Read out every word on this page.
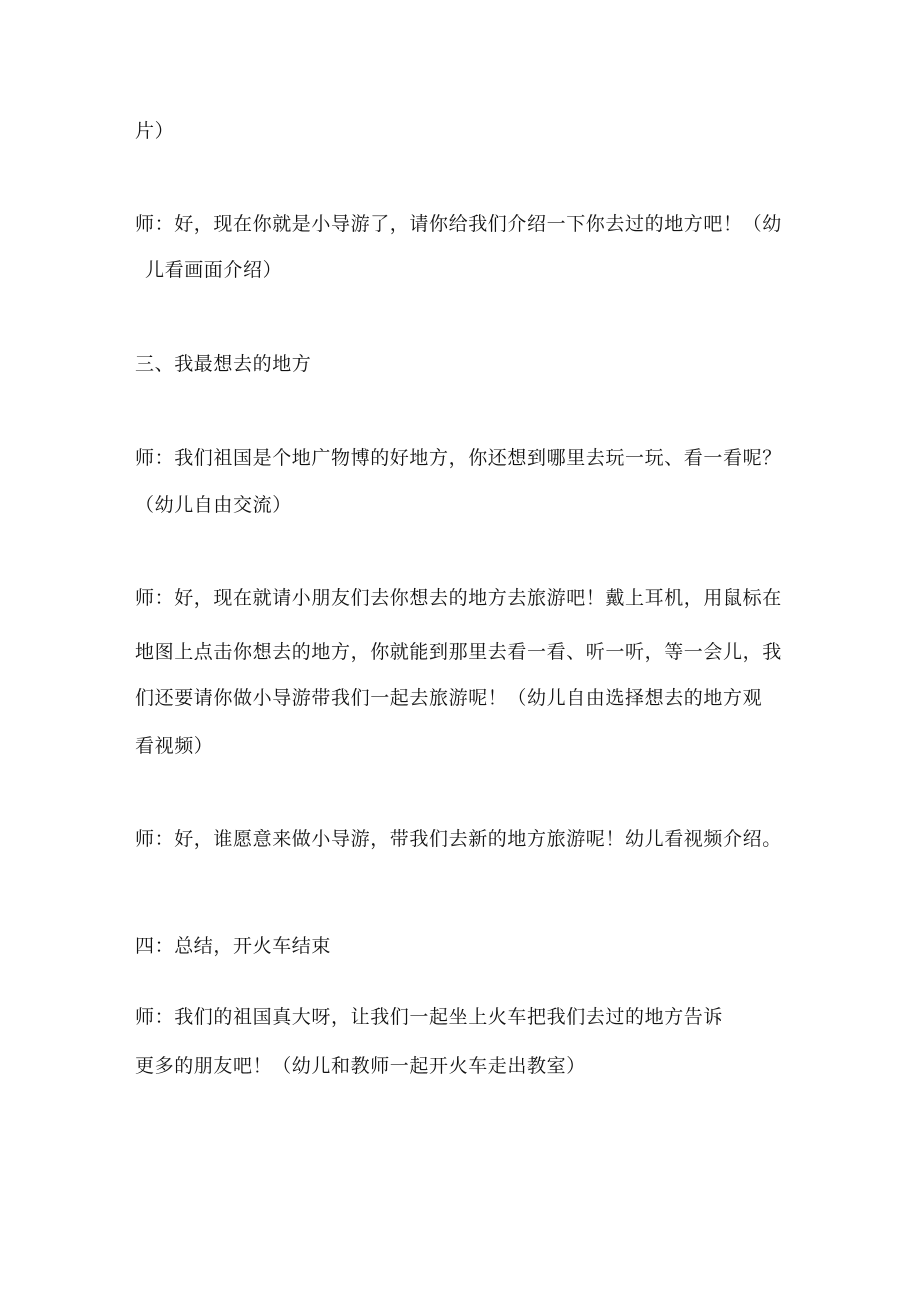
片）
师：好，现在你就是小导游了，请你给我们介绍一下你去过的地方吧！（幼
儿看画面介绍）
三、我最想去的地方
师：我们祖国是个地广物博的好地方，你还想到哪里去玩一玩、看一看呢？
（幼儿自由交流）
师：好，现在就请小朋友们去你想去的地方去旅游吧！戴上耳机，用鼠标在
地图上点击你想去的地方，你就能到那里去看一看、听一听，等一会儿，我
们还要请你做小导游带我们一起去旅游呢！（幼儿自由选择想去的地方观
看视频）
师：好，谁愿意来做小导游，带我们去新的地方旅游呢！幼儿看视频介绍。
四：总结，开火车结束
师：我们的祖国真大呀，让我们一起坐上火车把我们去过的地方告诉
更多的朋友吧！（幼儿和教师一起开火车走出教室）
